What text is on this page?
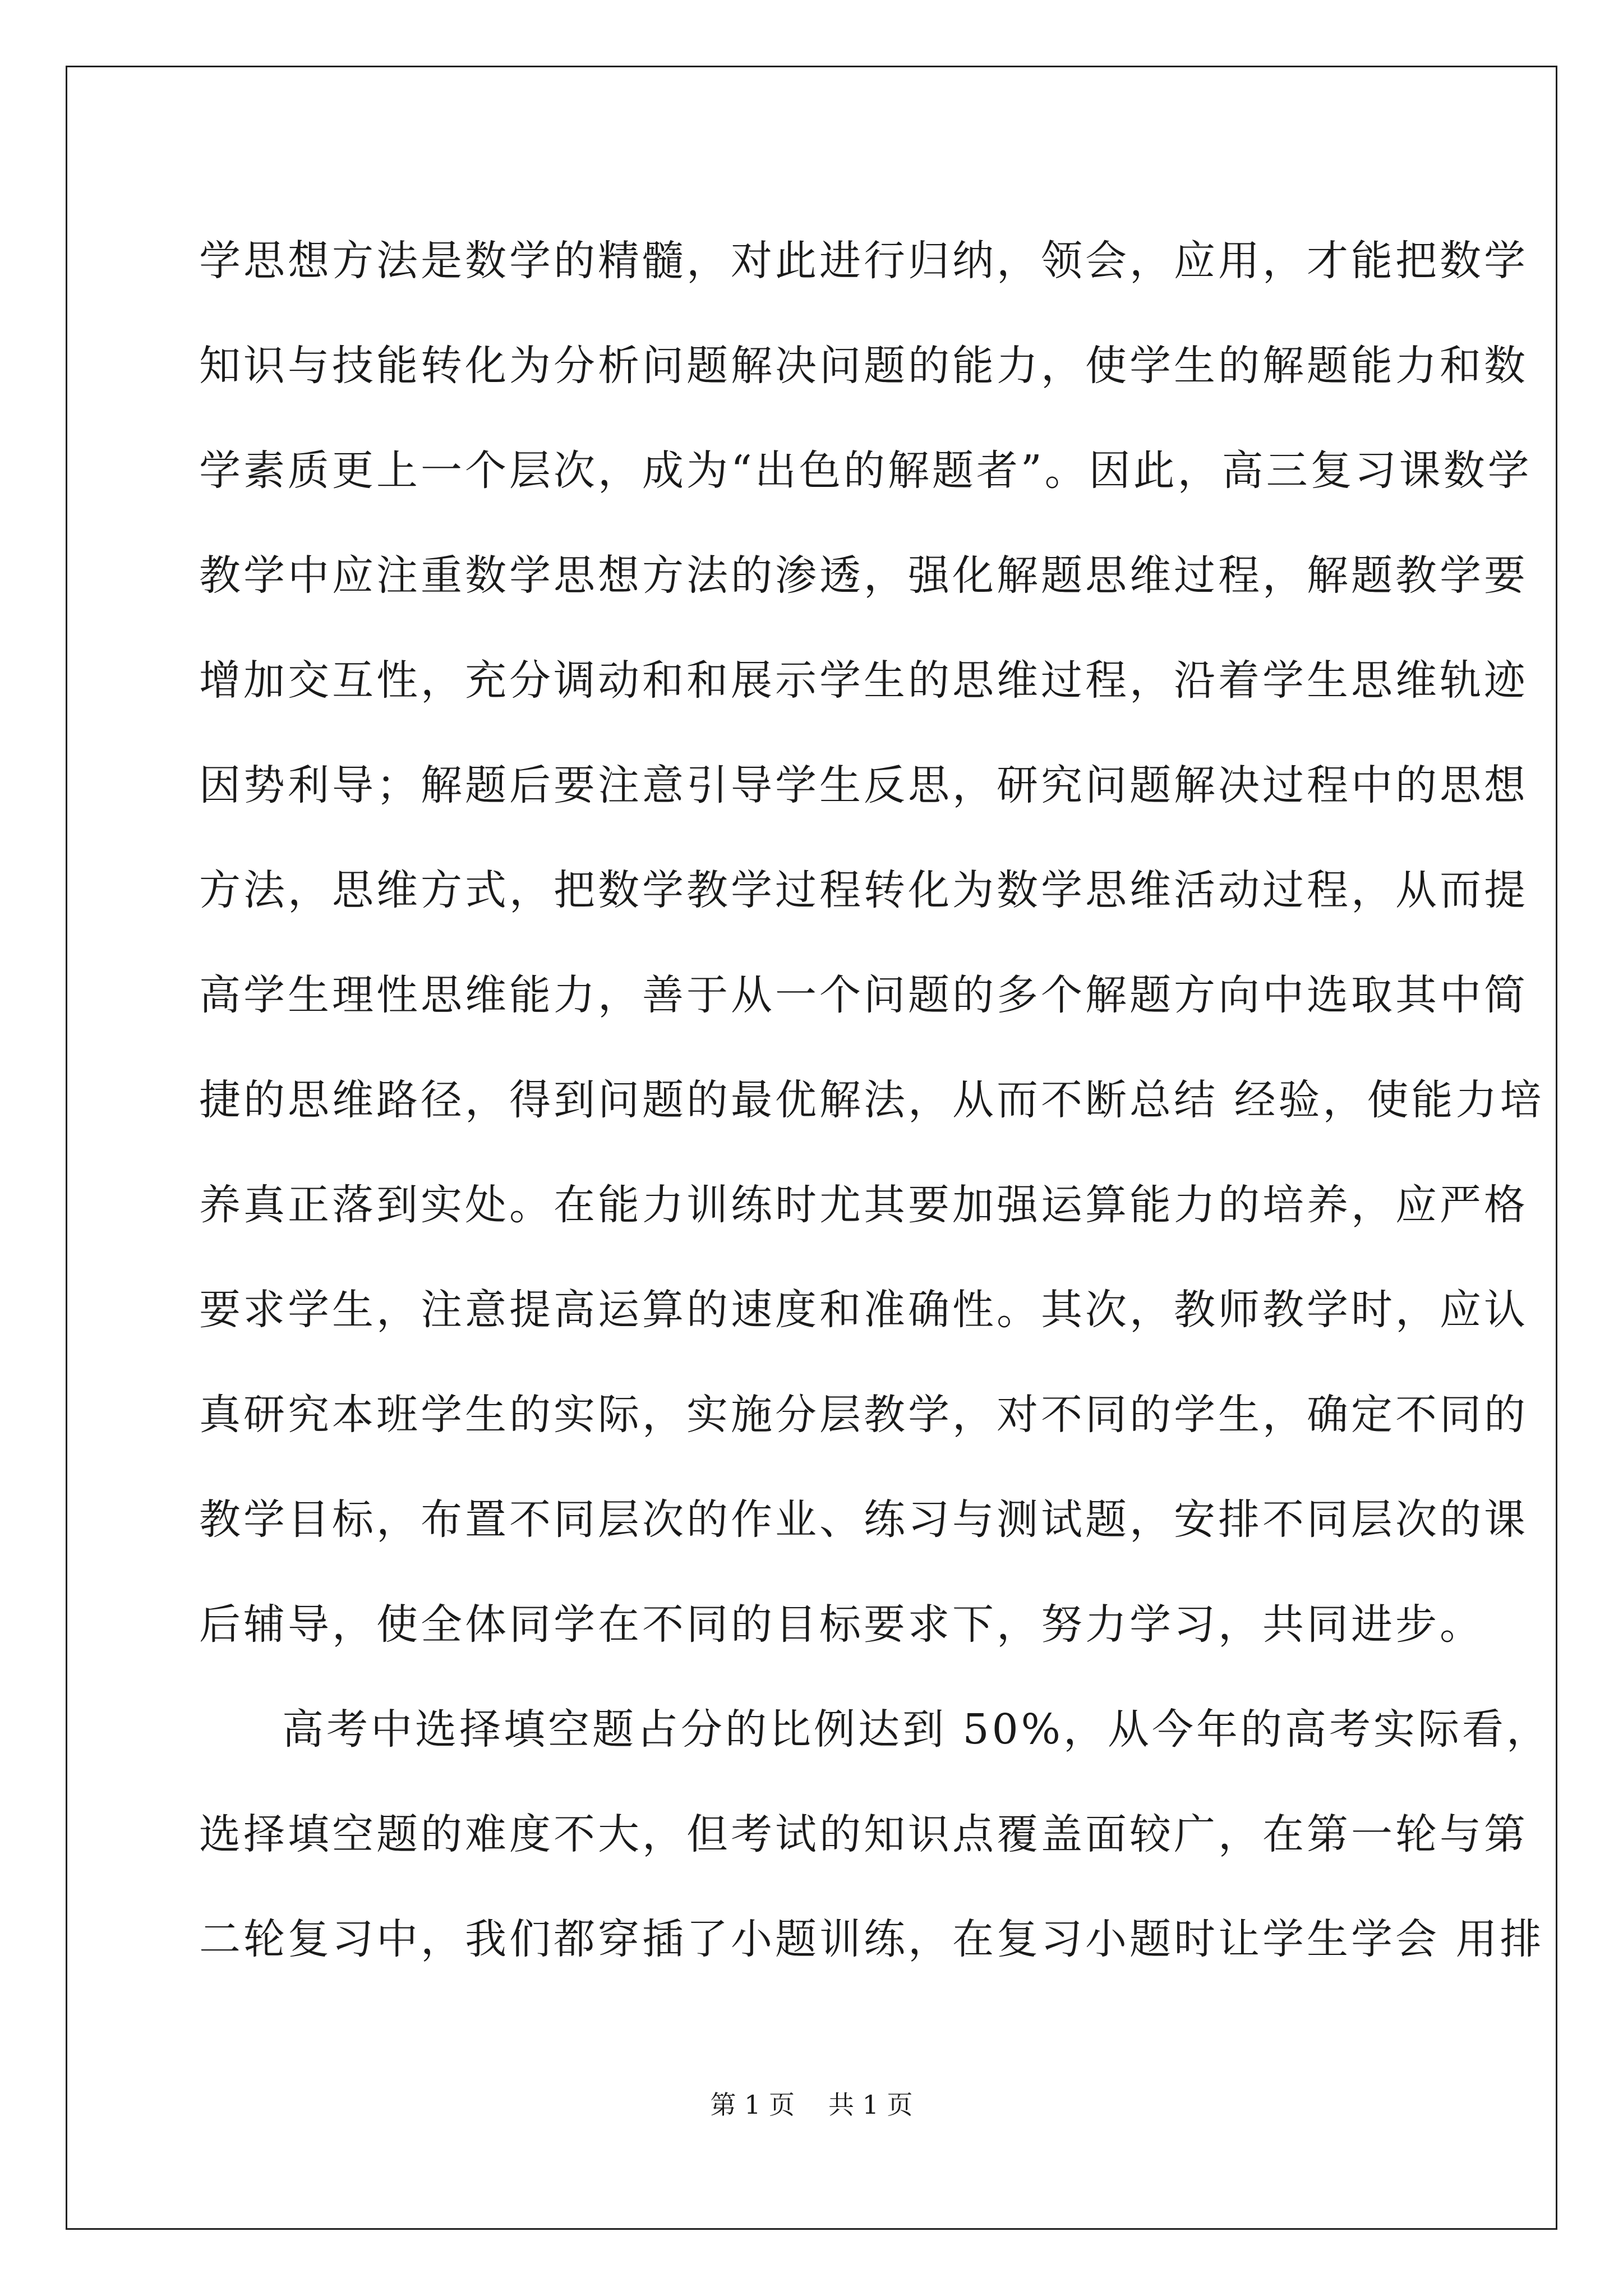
学思想方法是数学的精髓，对此进行归纳，领会，应用，才能把数学
知识与技能转化为分析问题解决问题的能力，使学生的解题能力和数
学素质更上一个层次，成为“出色的解题者”。因此，高三复习课数学
教学中应注重数学思想方法的渗透，强化解题思维过程，解题教学要
增加交互性，充分调动和和展示学生的思维过程，沿着学生思维轨迹
因势利导；解题后要注意引导学生反思，研究问题解决过程中的思想
方法，思维方式，把数学教学过程转化为数学思维活动过程，从而提
高学生理性思维能力，善于从一个问题的多个解题方向中选取其中简
捷的思维路径，得到问题的最优解法，从而不断总结 经验，使能力培
养真正落到实处。在能力训练时尤其要加强运算能力的培养，应严格
要求学生，注意提高运算的速度和准确性。其次，教师教学时，应认
真研究本班学生的实际，实施分层教学，对不同的学生，确定不同的
教学目标，布置不同层次的作业、练习与测试题，安排不同层次的课
后辅导，使全体同学在不同的目标要求下，努力学习，共同进步。
高考中选择填空题占分的比例达到 50%，从今年的高考实际看，
选择填空题的难度不大，但考试的知识点覆盖面较广，在第一轮与第
二轮复习中，我们都穿插了小题训练，在复习小题时让学生学会 用排
第 1 页 共 1 页
